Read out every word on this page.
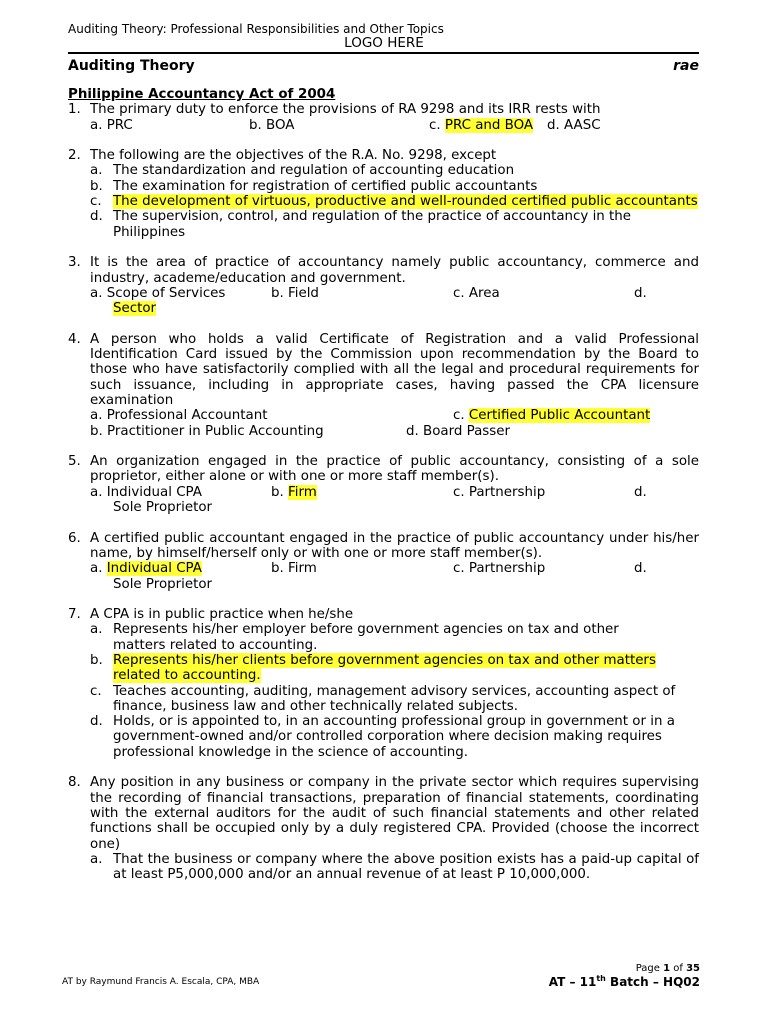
Auditing Theory: Professional Responsibilities and Other Topics
LOGO HERE
Auditing Theory	rae

Philippine Accountancy Act of 2004

1. The primary duty to enforce the provisions of RA 9298 and its IRR rests with
a. PRC	b. BOA	c. PRC and BOA	d. AASC
2. The following are the objectives of the R.A. No. 9298, except
a. The standardization and regulation of accounting education
b. The examination for registration of certified public accountants
c. The development of virtuous, productive and well-rounded certified public accountants
d. The supervision, control, and regulation of the practice of accountancy in the Philippines
3. It is the area of practice of accountancy namely public accountancy, commerce and industry, academe/education and government.
a. Scope of Services	b. Field	c. Area	d.
Sector
4. A person who holds a valid Certificate of Registration and a valid Professional Identification Card issued by the Commission upon recommendation by the Board to those who have satisfactorily complied with all the legal and procedural requirements for such issuance, including in appropriate cases, having passed the CPA licensure examination
a. Professional Accountant	c. Certified Public Accountant
b. Practitioner in Public Accounting	d. Board Passer
5. An organization engaged in the practice of public accountancy, consisting of a sole proprietor, either alone or with one or more staff member(s).
a. Individual CPA	b. Firm	c. Partnership	d.
Sole Proprietor
6. A certified public accountant engaged in the practice of public accountancy under his/her name, by himself/herself only or with one or more staff member(s).
a. Individual CPA	b. Firm	c. Partnership	d.
Sole Proprietor
7. A CPA is in public practice when he/she
a. Represents his/her employer before government agencies on tax and other matters related to accounting.
b. Represents his/her clients before government agencies on tax and other matters related to accounting.
c. Teaches accounting, auditing, management advisory services, accounting aspect of finance, business law and other technically related subjects.
d. Holds, or is appointed to, in an accounting professional group in government or in a government-owned and/or controlled corporation where decision making requires professional knowledge in the science of accounting.
8. Any position in any business or company in the private sector which requires supervising the recording of financial transactions, preparation of financial statements, coordinating with the external auditors for the audit of such financial statements and other related functions shall be occupied only by a duly registered CPA. Provided (choose the incorrect one)
a. That the business or company where the above position exists has a paid-up capital of at least P5,000,000 and/or an annual revenue of at least P 10,000,000.
Page 1 of 35
AT by Raymund Francis A. Escala, CPA, MBA	AT – 11th Batch – HQ02
